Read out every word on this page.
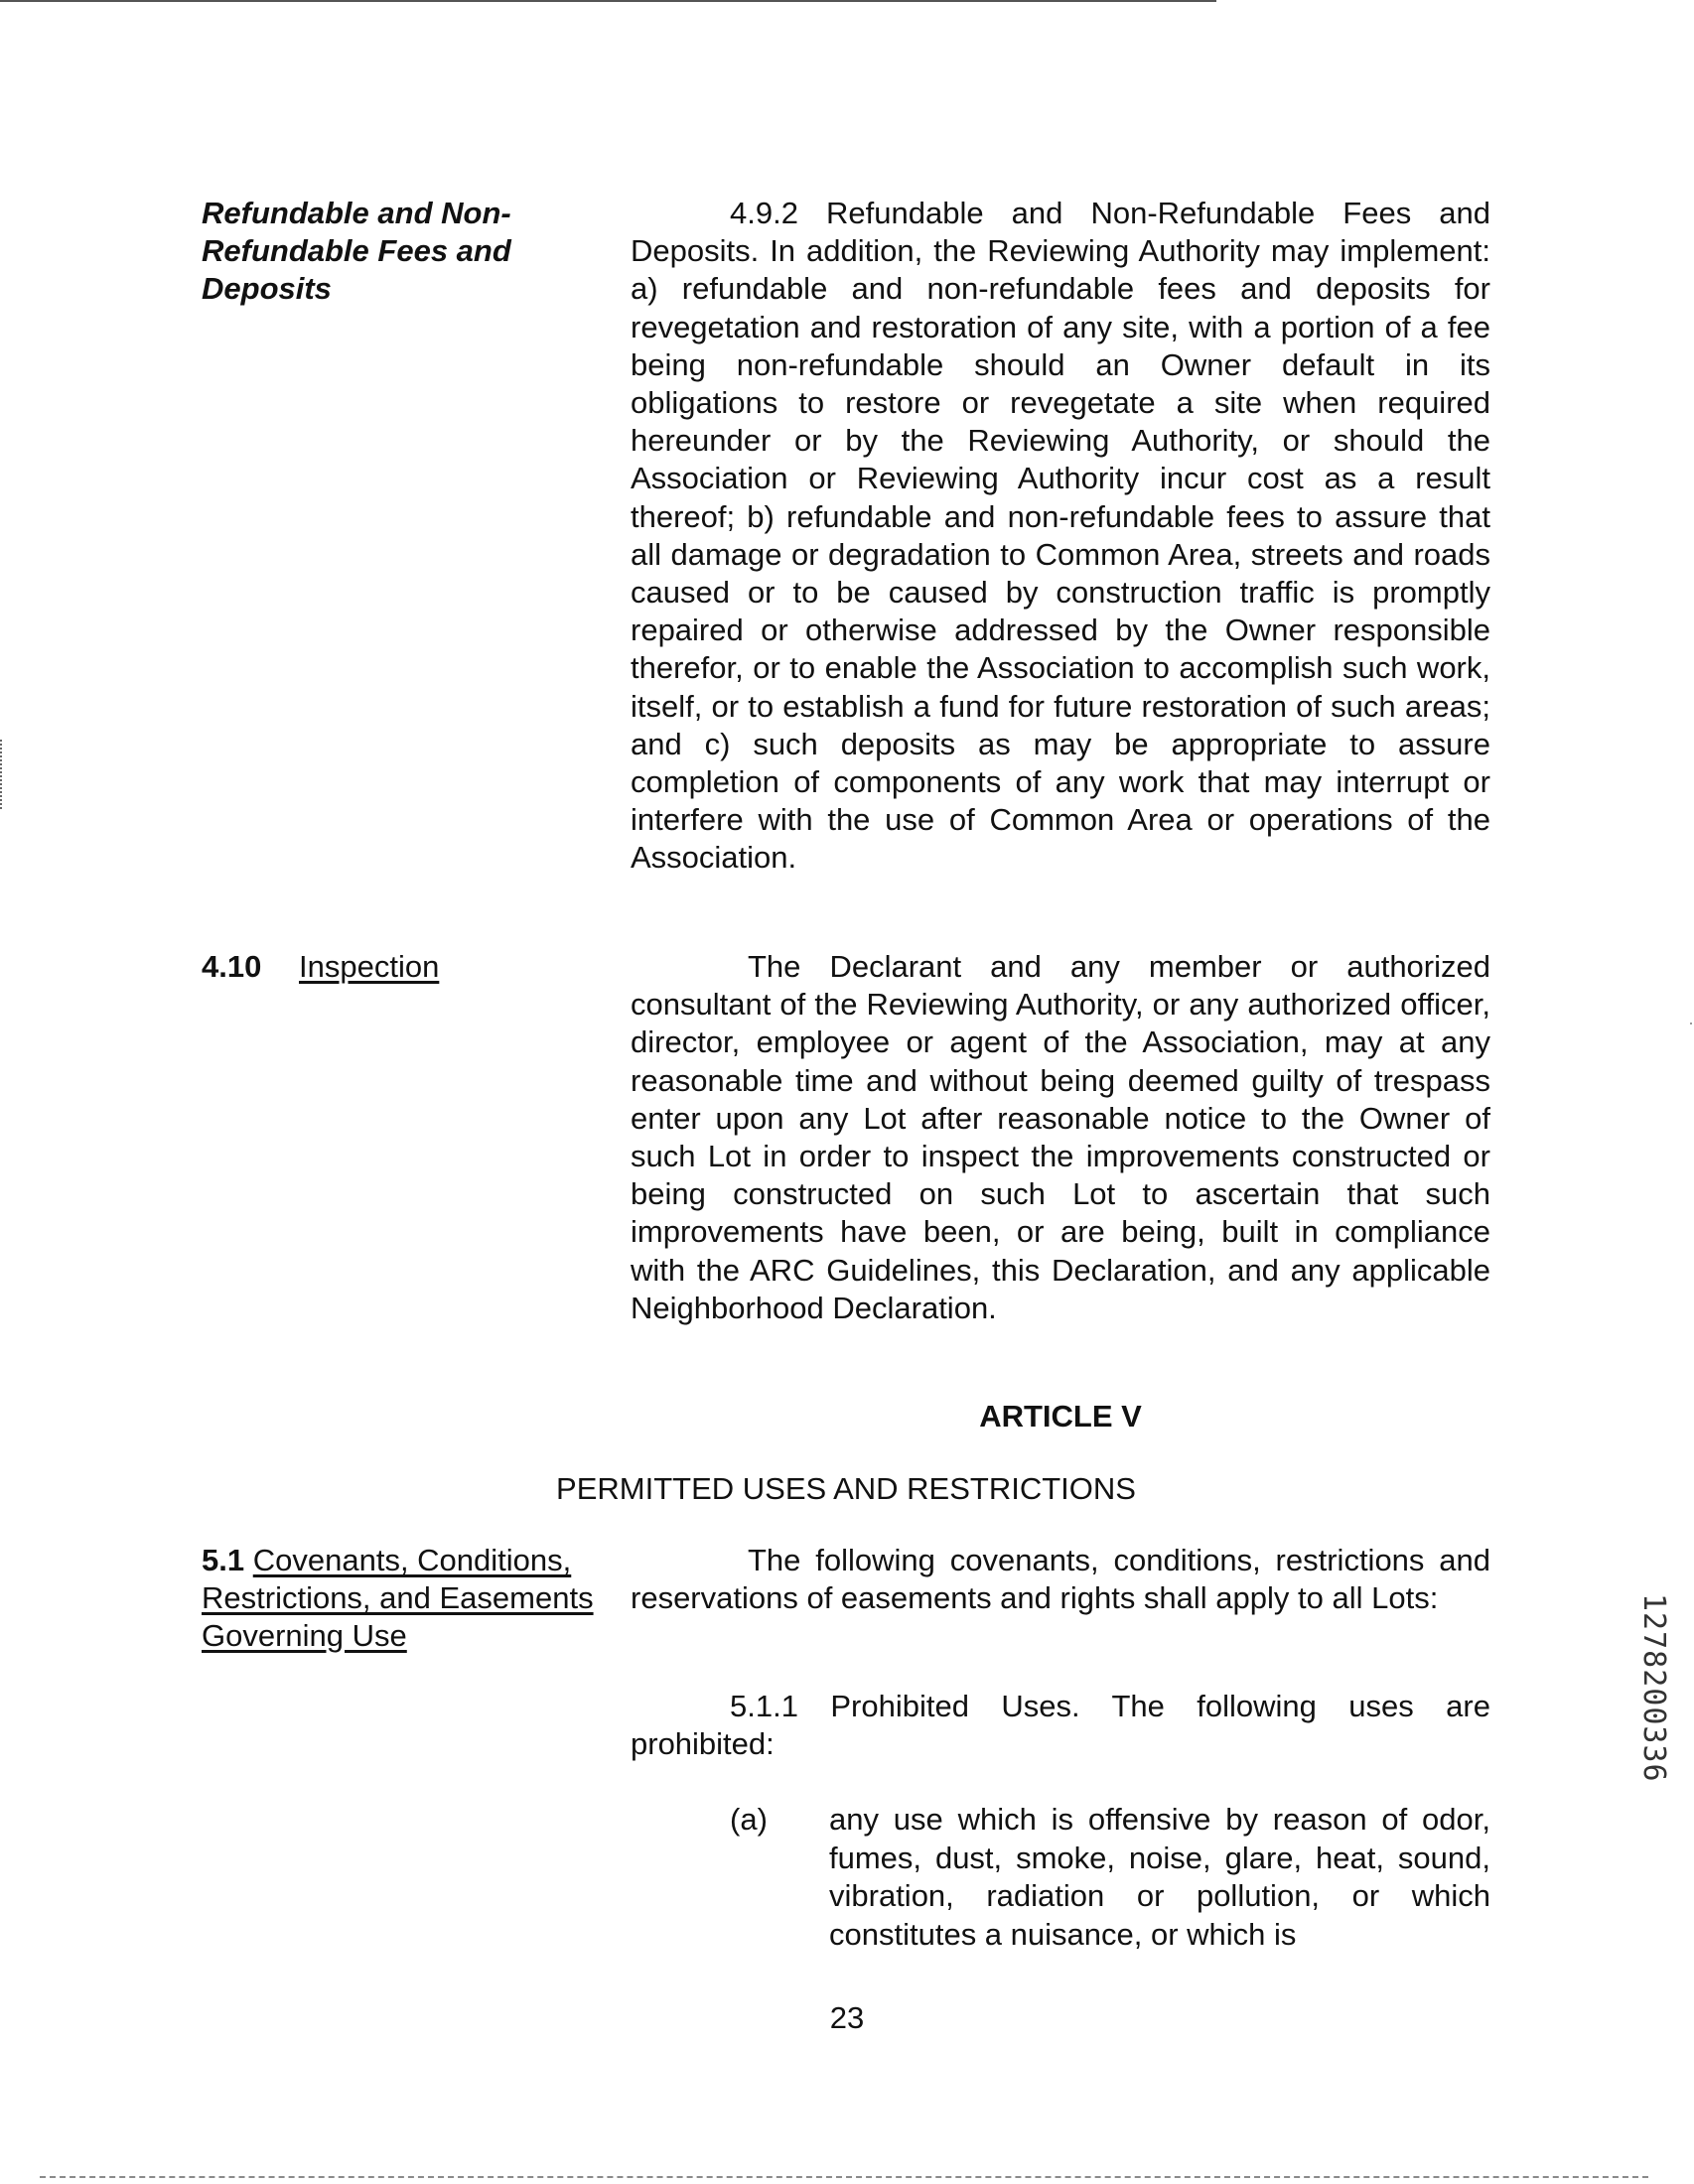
Refundable and Non-Refundable Fees and Deposits

4.9.2 Refundable and Non-Refundable Fees and Deposits. In addition, the Reviewing Authority may implement: a) refundable and non-refundable fees and deposits for revegetation and restoration of any site, with a portion of a fee being non-refundable should an Owner default in its obligations to restore or revegetate a site when required hereunder or by the Reviewing Authority, or should the Association or Reviewing Authority incur cost as a result thereof; b) refundable and non-refundable fees to assure that all damage or degradation to Common Area, streets and roads caused or to be caused by construction traffic is promptly repaired or otherwise addressed by the Owner responsible therefor, or to enable the Association to accomplish such work, itself, or to establish a fund for future restoration of such areas; and c) such deposits as may be appropriate to assure completion of components of any work that may interrupt or interfere with the use of Common Area or operations of the Association.

4.10 Inspection	The Declarant and any member or authorized consultant of the Reviewing Authority, or any authorized officer, director, employee or agent of the Association, may at any reasonable time and without being deemed guilty of trespass enter upon any Lot after reasonable notice to the Owner of such Lot in order to inspect the improvements constructed or being constructed on such Lot to ascertain that such improvements have been, or are being, built in compliance with the ARC Guidelines, this Declaration, and any applicable Neighborhood Declaration.

ARTICLE V

PERMITTED USES AND RESTRICTIONS

5.1 Covenants, Conditions, Restrictions, and Easements Governing Use

The following covenants, conditions, restrictions and reservations of easements and rights shall apply to all Lots:

5.1.1 Prohibited Uses. The following uses are prohibited:

(a) any use which is offensive by reason of odor, fumes, dust, smoke, noise, glare, heat, sound, vibration, radiation or pollution, or which constitutes a nuisance, or which is

23

1278200336
